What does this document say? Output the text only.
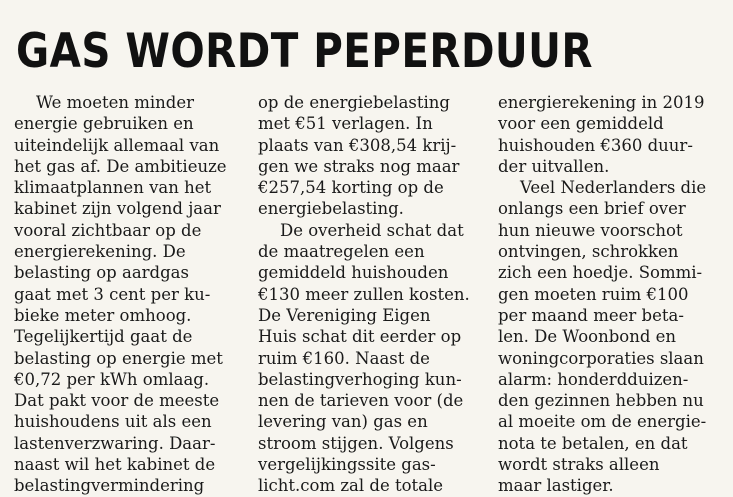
GAS WORDT PEPERDUUR
We moeten minder
energie gebruiken en
uiteindelijk allemaal van
het gas af. De ambitieuze
klimaatplannen van het
kabinet zijn volgend jaar
vooral zichtbaar op de
energierekening. De
belasting op aardgas
gaat met 3 cent per ku-
bieke meter omhoog.
Tegelijkertijd gaat de
belasting op energie met
€0,72 per kWh omlaag.
Dat pakt voor de meeste
huishoudens uit als een
lastenverzwaring. Daar-
naast wil het kabinet de
belastingvermindering
op de energiebelasting
met €51 verlagen. In
plaats van €308,54 krij-
gen we straks nog maar
€257,54 korting op de
energiebelasting.
De overheid schat dat
de maatregelen een
gemiddeld huishouden
€130 meer zullen kosten.
De Vereniging Eigen
Huis schat dit eerder op
ruim €160. Naast de
belastingverhoging kun-
nen de tarieven voor (de
levering van) gas en
stroom stijgen. Volgens
vergelijkingssite gas-
licht.com zal de totale
energierekening in 2019
voor een gemiddeld
huishouden €360 duur-
der uitvallen.
Veel Nederlanders die
onlangs een brief over
hun nieuwe voorschot
ontvingen, schrokken
zich een hoedje. Sommi-
gen moeten ruim €100
per maand meer beta-
len. De Woonbond en
woningcorporaties slaan
alarm: honderdduizen-
den gezinnen hebben nu
al moeite om de energie-
nota te betalen, en dat
wordt straks alleen
maar lastiger.
